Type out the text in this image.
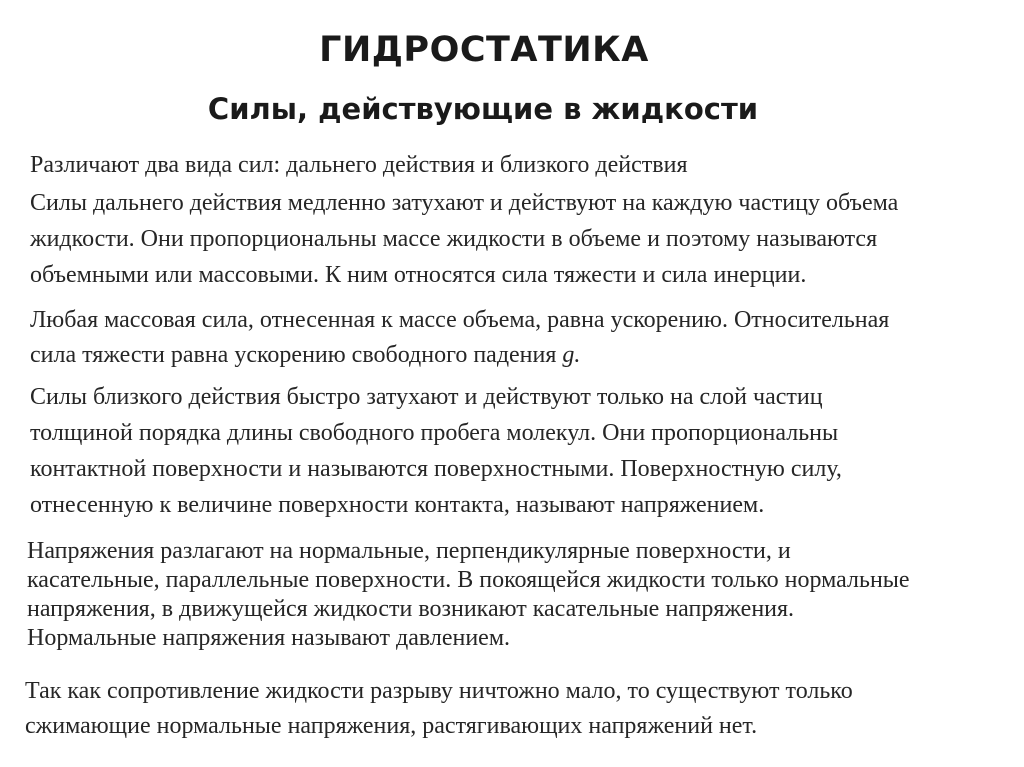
ГИДРОСТАТИКА
Силы, действующие в жидкости

Различают два вида сил: дальнего действия и близкого действия

Силы дальнего действия медленно затухают и действуют на каждую частицу объема
жидкости. Они пропорциональны массе жидкости в объеме и поэтому называются
объемными или массовыми. К ним относятся сила тяжести и сила инерции.

Любая массовая сила, отнесенная к массе объема, равна ускорению. Относительная
сила тяжести равна ускорению свободного падения g.

Силы близкого действия быстро затухают и действуют только на слой частиц
толщиной порядка длины свободного пробега молекул. Они пропорциональны
контактной поверхности и называются поверхностными. Поверхностную силу,
отнесенную к величине поверхности контакта, называют напряжением.

Напряжения разлагают на нормальные, перпендикулярные поверхности, и
касательные, параллельные поверхности. В покоящейся жидкости только нормальные
напряжения, в движущейся жидкости возникают касательные напряжения.
Нормальные напряжения называют давлением.

Так как сопротивление жидкости разрыву ничтожно мало, то существуют только
сжимающие нормальные напряжения, растягивающих напряжений нет.
